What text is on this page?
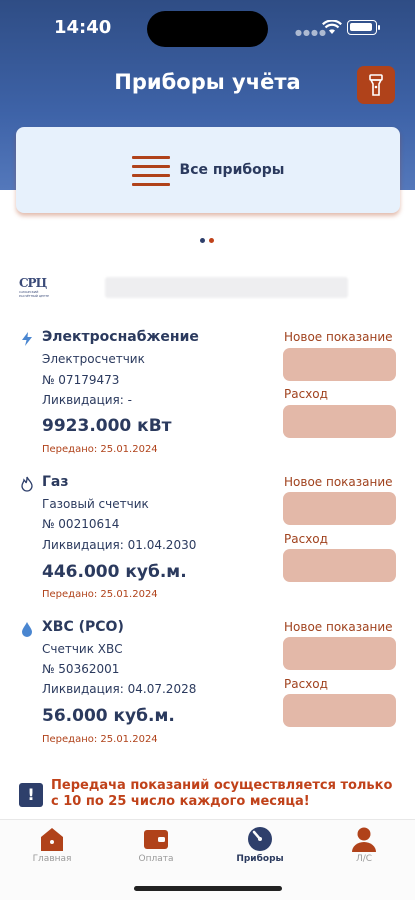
14:40	●●●●
Приборы учёта
Все приборы
СРЦ
САМАРСКИЙ РАСЧЁТНЫЙ ЦЕНТР
Электроснабжение
Электросчетчик
№ 07179473
Ликвидация: -
9923.000 кВт
Передано: 25.01.2024
Новое показание
Расход
Газ
Газовый счетчик
№ 00210614
Ликвидация: 01.04.2030
446.000 куб.м.
Передано: 25.01.2024
Новое показание
Расход
ХВС (РСО)
Счетчик ХВС
№ 50362001
Ликвидация: 04.07.2028
56.000 куб.м.
Передано: 25.01.2024
Новое показание
Расход
!	Передача показаний осуществляется только с 10 по 25 число каждого месяца!
Главная	Оплата	Приборы	Л/С
